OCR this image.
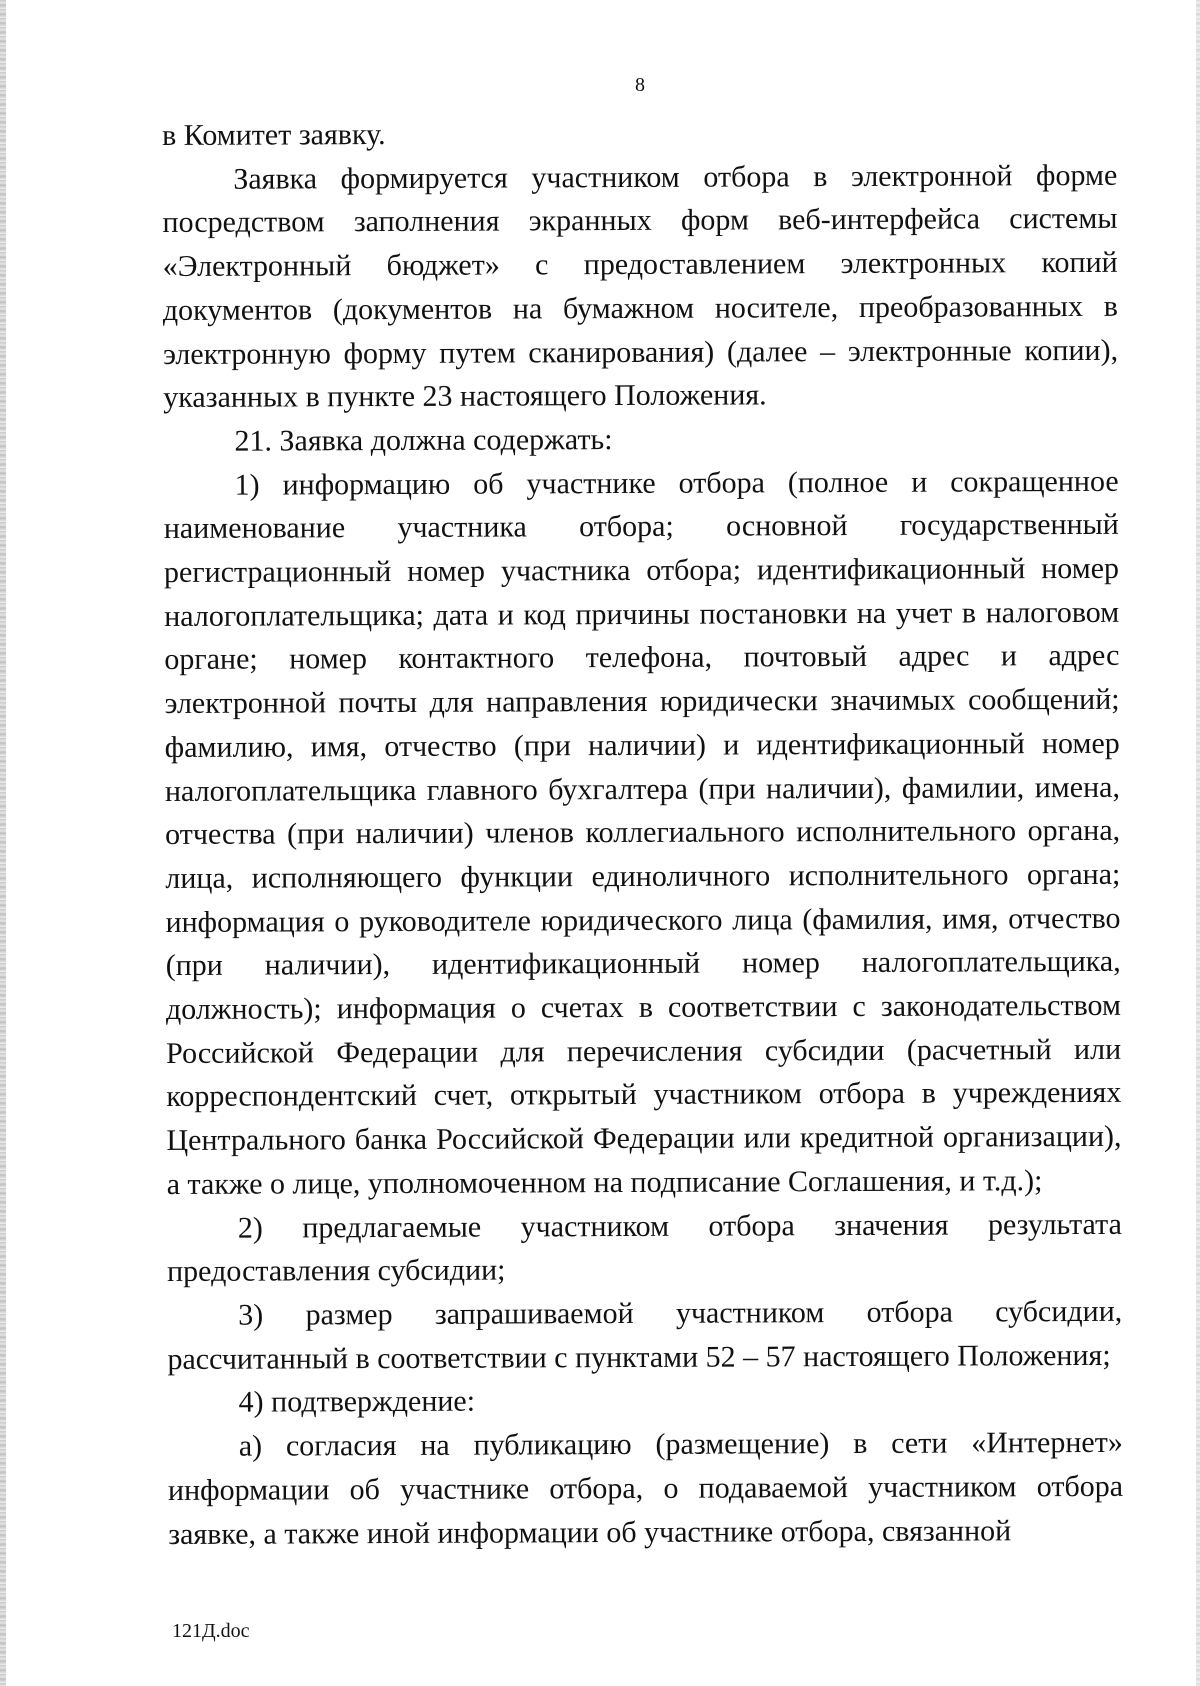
8

в Комитет заявку.

Заявка формируется участником отбора в электронной форме посредством заполнения экранных форм веб-интерфейса системы «Электронный бюджет» с предоставлением электронных копий документов (документов на бумажном носителе, преобразованных в электронную форму путем сканирования) (далее – электронные копии), указанных в пункте 23 настоящего Положения.

21. Заявка должна содержать:

1) информацию об участнике отбора (полное и сокращенное наименование участника отбора; основной государственный регистрационный номер участника отбора; идентификационный номер налогоплательщика; дата и код причины постановки на учет в налоговом органе; номер контактного телефона, почтовый адрес и адрес электронной почты для направления юридически значимых сообщений; фамилию, имя, отчество (при наличии) и идентификационный номер налогоплательщика главного бухгалтера (при наличии), фамилии, имена, отчества (при наличии) членов коллегиального исполнительного органа, лица, исполняющего функции единоличного исполнительного органа; информация о руководителе юридического лица (фамилия, имя, отчество (при наличии), идентификационный номер налогоплательщика, должность); информация о счетах в соответствии с законодательством Российской Федерации для перечисления субсидии (расчетный или корреспондентский счет, открытый участником отбора в учреждениях Центрального банка Российской Федерации или кредитной организации), а также о лице, уполномоченном на подписание Соглашения, и т.д.);

2) предлагаемые участником отбора значения результата предоставления субсидии;

3) размер запрашиваемой участником отбора субсидии, рассчитанный в соответствии с пунктами 52 – 57 настоящего Положения;

4) подтверждение:

а) согласия на публикацию (размещение) в сети «Интернет» информации об участнике отбора, о подаваемой участником отбора заявке, а также иной информации об участнике отбора, связанной

121Д.doc
